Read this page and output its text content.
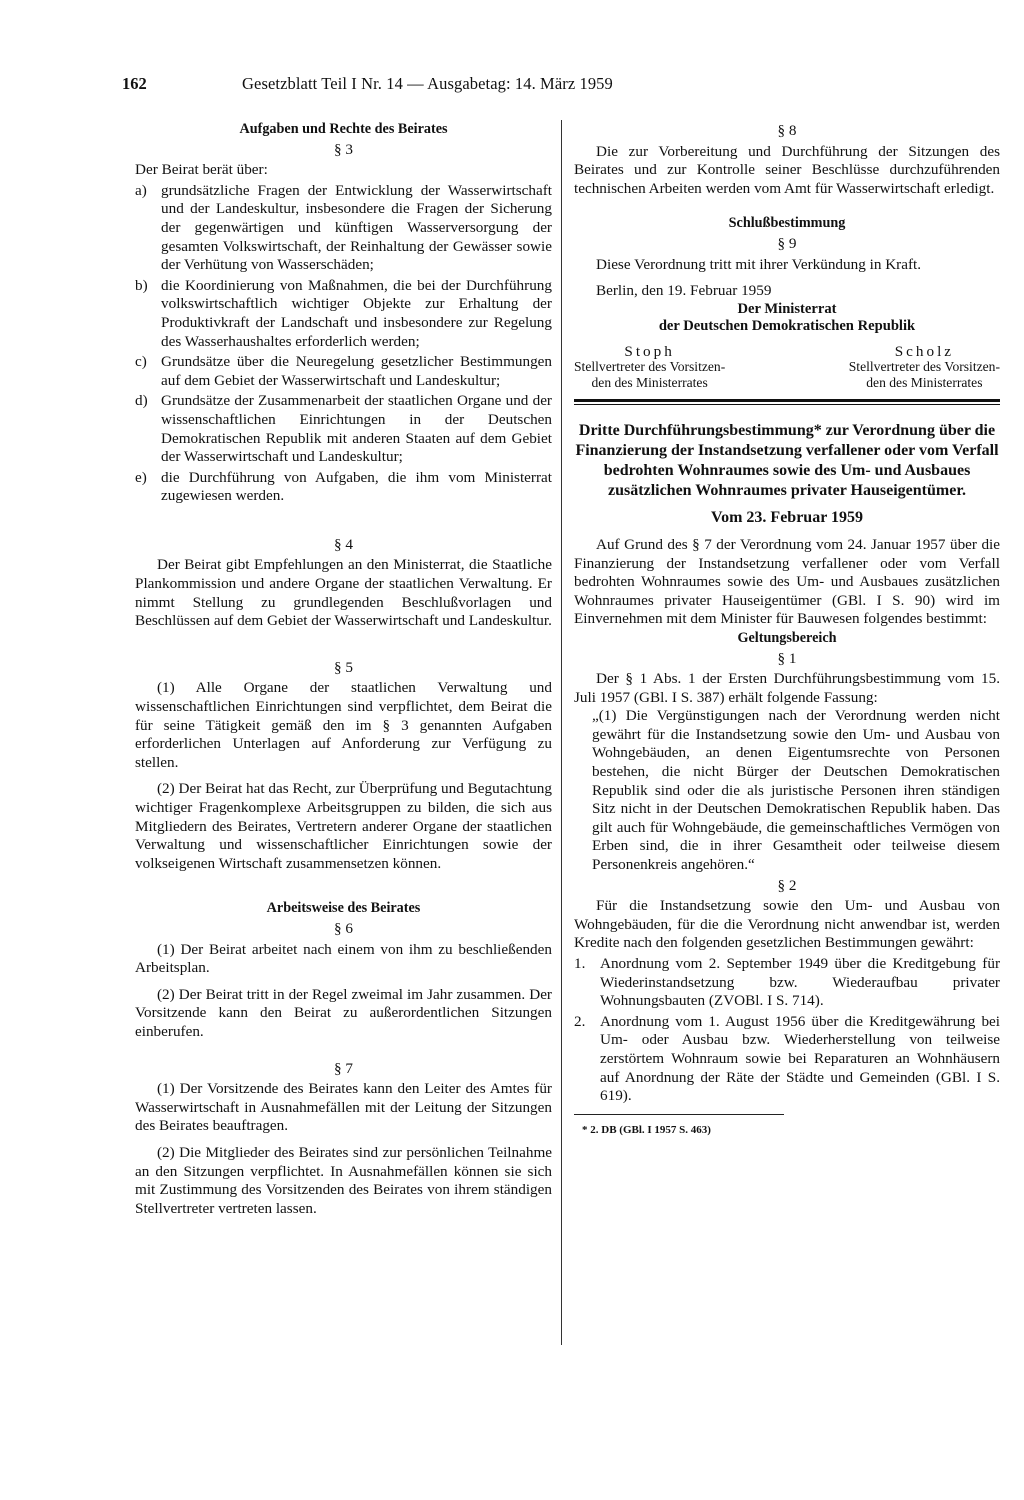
162	Gesetzblatt Teil I Nr. 14 — Ausgabetag: 14. März 1959

Aufgaben und Rechte des Beirates

§ 3

Der Beirat berät über:

a) grundsätzliche Fragen der Entwicklung der Wasserwirtschaft und der Landeskultur, insbesondere die Fragen der Sicherung der gegenwärtigen und künftigen Wasserversorgung der gesamten Volkswirtschaft, der Reinhaltung der Gewässer sowie der Verhütung von Wasserschäden;
b) die Koordinierung von Maßnahmen, die bei der Durchführung volkswirtschaftlich wichtiger Objekte zur Erhaltung der Produktivkraft der Landschaft und insbesondere zur Regelung des Wasserhaushaltes erforderlich werden;
c) Grundsätze über die Neuregelung gesetzlicher Bestimmungen auf dem Gebiet der Wasserwirtschaft und Landeskultur;
d) Grundsätze der Zusammenarbeit der staatlichen Organe und der wissenschaftlichen Einrichtungen in der Deutschen Demokratischen Republik mit anderen Staaten auf dem Gebiet der Wasserwirtschaft und Landeskultur;
e) die Durchführung von Aufgaben, die ihm vom Ministerrat zugewiesen werden.

§ 4

Der Beirat gibt Empfehlungen an den Ministerrat, die Staatliche Plankommission und andere Organe der staatlichen Verwaltung. Er nimmt Stellung zu grundlegenden Beschlußvorlagen und Beschlüssen auf dem Gebiet der Wasserwirtschaft und Landeskultur.

§ 5

(1) Alle Organe der staatlichen Verwaltung und wissenschaftlichen Einrichtungen sind verpflichtet, dem Beirat die für seine Tätigkeit gemäß den im § 3 genannten Aufgaben erforderlichen Unterlagen auf Anforderung zur Verfügung zu stellen.

(2) Der Beirat hat das Recht, zur Überprüfung und Begutachtung wichtiger Fragenkomplexe Arbeitsgruppen zu bilden, die sich aus Mitgliedern des Beirates, Vertretern anderer Organe der staatlichen Verwaltung und wissenschaftlicher Einrichtungen sowie der volkseigenen Wirtschaft zusammensetzen können.

Arbeitsweise des Beirates

§ 6

(1) Der Beirat arbeitet nach einem von ihm zu beschließenden Arbeitsplan.

(2) Der Beirat tritt in der Regel zweimal im Jahr zusammen. Der Vorsitzende kann den Beirat zu außerordentlichen Sitzungen einberufen.

§ 7

(1) Der Vorsitzende des Beirates kann den Leiter des Amtes für Wasserwirtschaft in Ausnahmefällen mit der Leitung der Sitzungen des Beirates beauftragen.

(2) Die Mitglieder des Beirates sind zur persönlichen Teilnahme an den Sitzungen verpflichtet. In Ausnahmefällen können sie sich mit Zustimmung des Vorsitzenden des Beirates von ihrem ständigen Stellvertreter vertreten lassen.

§ 8

Die zur Vorbereitung und Durchführung der Sitzungen des Beirates und zur Kontrolle seiner Beschlüsse durchzuführenden technischen Arbeiten werden vom Amt für Wasserwirtschaft erledigt.

Schlußbestimmung

§ 9

Diese Verordnung tritt mit ihrer Verkündung in Kraft.

Berlin, den 19. Februar 1959

Der Ministerrat
der Deutschen Demokratischen Republik
Stoph
Stellvertreter des Vorsitzen-
den des Ministerrates
Scholz
Stellvertreter des Vorsitzen-
den des Ministerrates

Dritte Durchführungsbestimmung* zur Verordnung über die Finanzierung der Instandsetzung verfallener oder vom Verfall bedrohten Wohnraumes sowie des Um- und Ausbaues zusätzlichen Wohnraumes privater Hauseigentümer.

Vom 23. Februar 1959

Auf Grund des § 7 der Verordnung vom 24. Januar 1957 über die Finanzierung der Instandsetzung verfallener oder vom Verfall bedrohten Wohnraumes sowie des Um- und Ausbaues zusätzlichen Wohnraumes privater Hauseigentümer (GBl. I S. 90) wird im Einvernehmen mit dem Minister für Bauwesen folgendes bestimmt:

Geltungsbereich

§ 1

Der § 1 Abs. 1 der Ersten Durchführungsbestimmung vom 15. Juli 1957 (GBl. I S. 387) erhält folgende Fassung:

„(1) Die Vergünstigungen nach der Verordnung werden nicht gewährt für die Instandsetzung sowie den Um- und Ausbau von Wohngebäuden, an denen Eigentumsrechte von Personen bestehen, die nicht Bürger der Deutschen Demokratischen Republik sind oder die als juristische Personen ihren ständigen Sitz nicht in der Deutschen Demokratischen Republik haben. Das gilt auch für Wohngebäude, die gemeinschaftliches Vermögen von Erben sind, die in ihrer Gesamtheit oder teilweise diesem Personenkreis angehören.“

§ 2

Für die Instandsetzung sowie den Um- und Ausbau von Wohngebäuden, für die die Verordnung nicht anwendbar ist, werden Kredite nach den folgenden gesetzlichen Bestimmungen gewährt:

1. Anordnung vom 2. September 1949 über die Kreditgebung für Wiederinstandsetzung bzw. Wiederaufbau privater Wohnungsbauten (ZVOBl. I S. 714).
2. Anordnung vom 1. August 1956 über die Kreditgewährung bei Um- oder Ausbau bzw. Wiederherstellung von teilweise zerstörtem Wohnraum sowie bei Reparaturen an Wohnhäusern auf Anordnung der Räte der Städte und Gemeinden (GBl. I S. 619).

* 2. DB (GBl. I 1957 S. 463)
